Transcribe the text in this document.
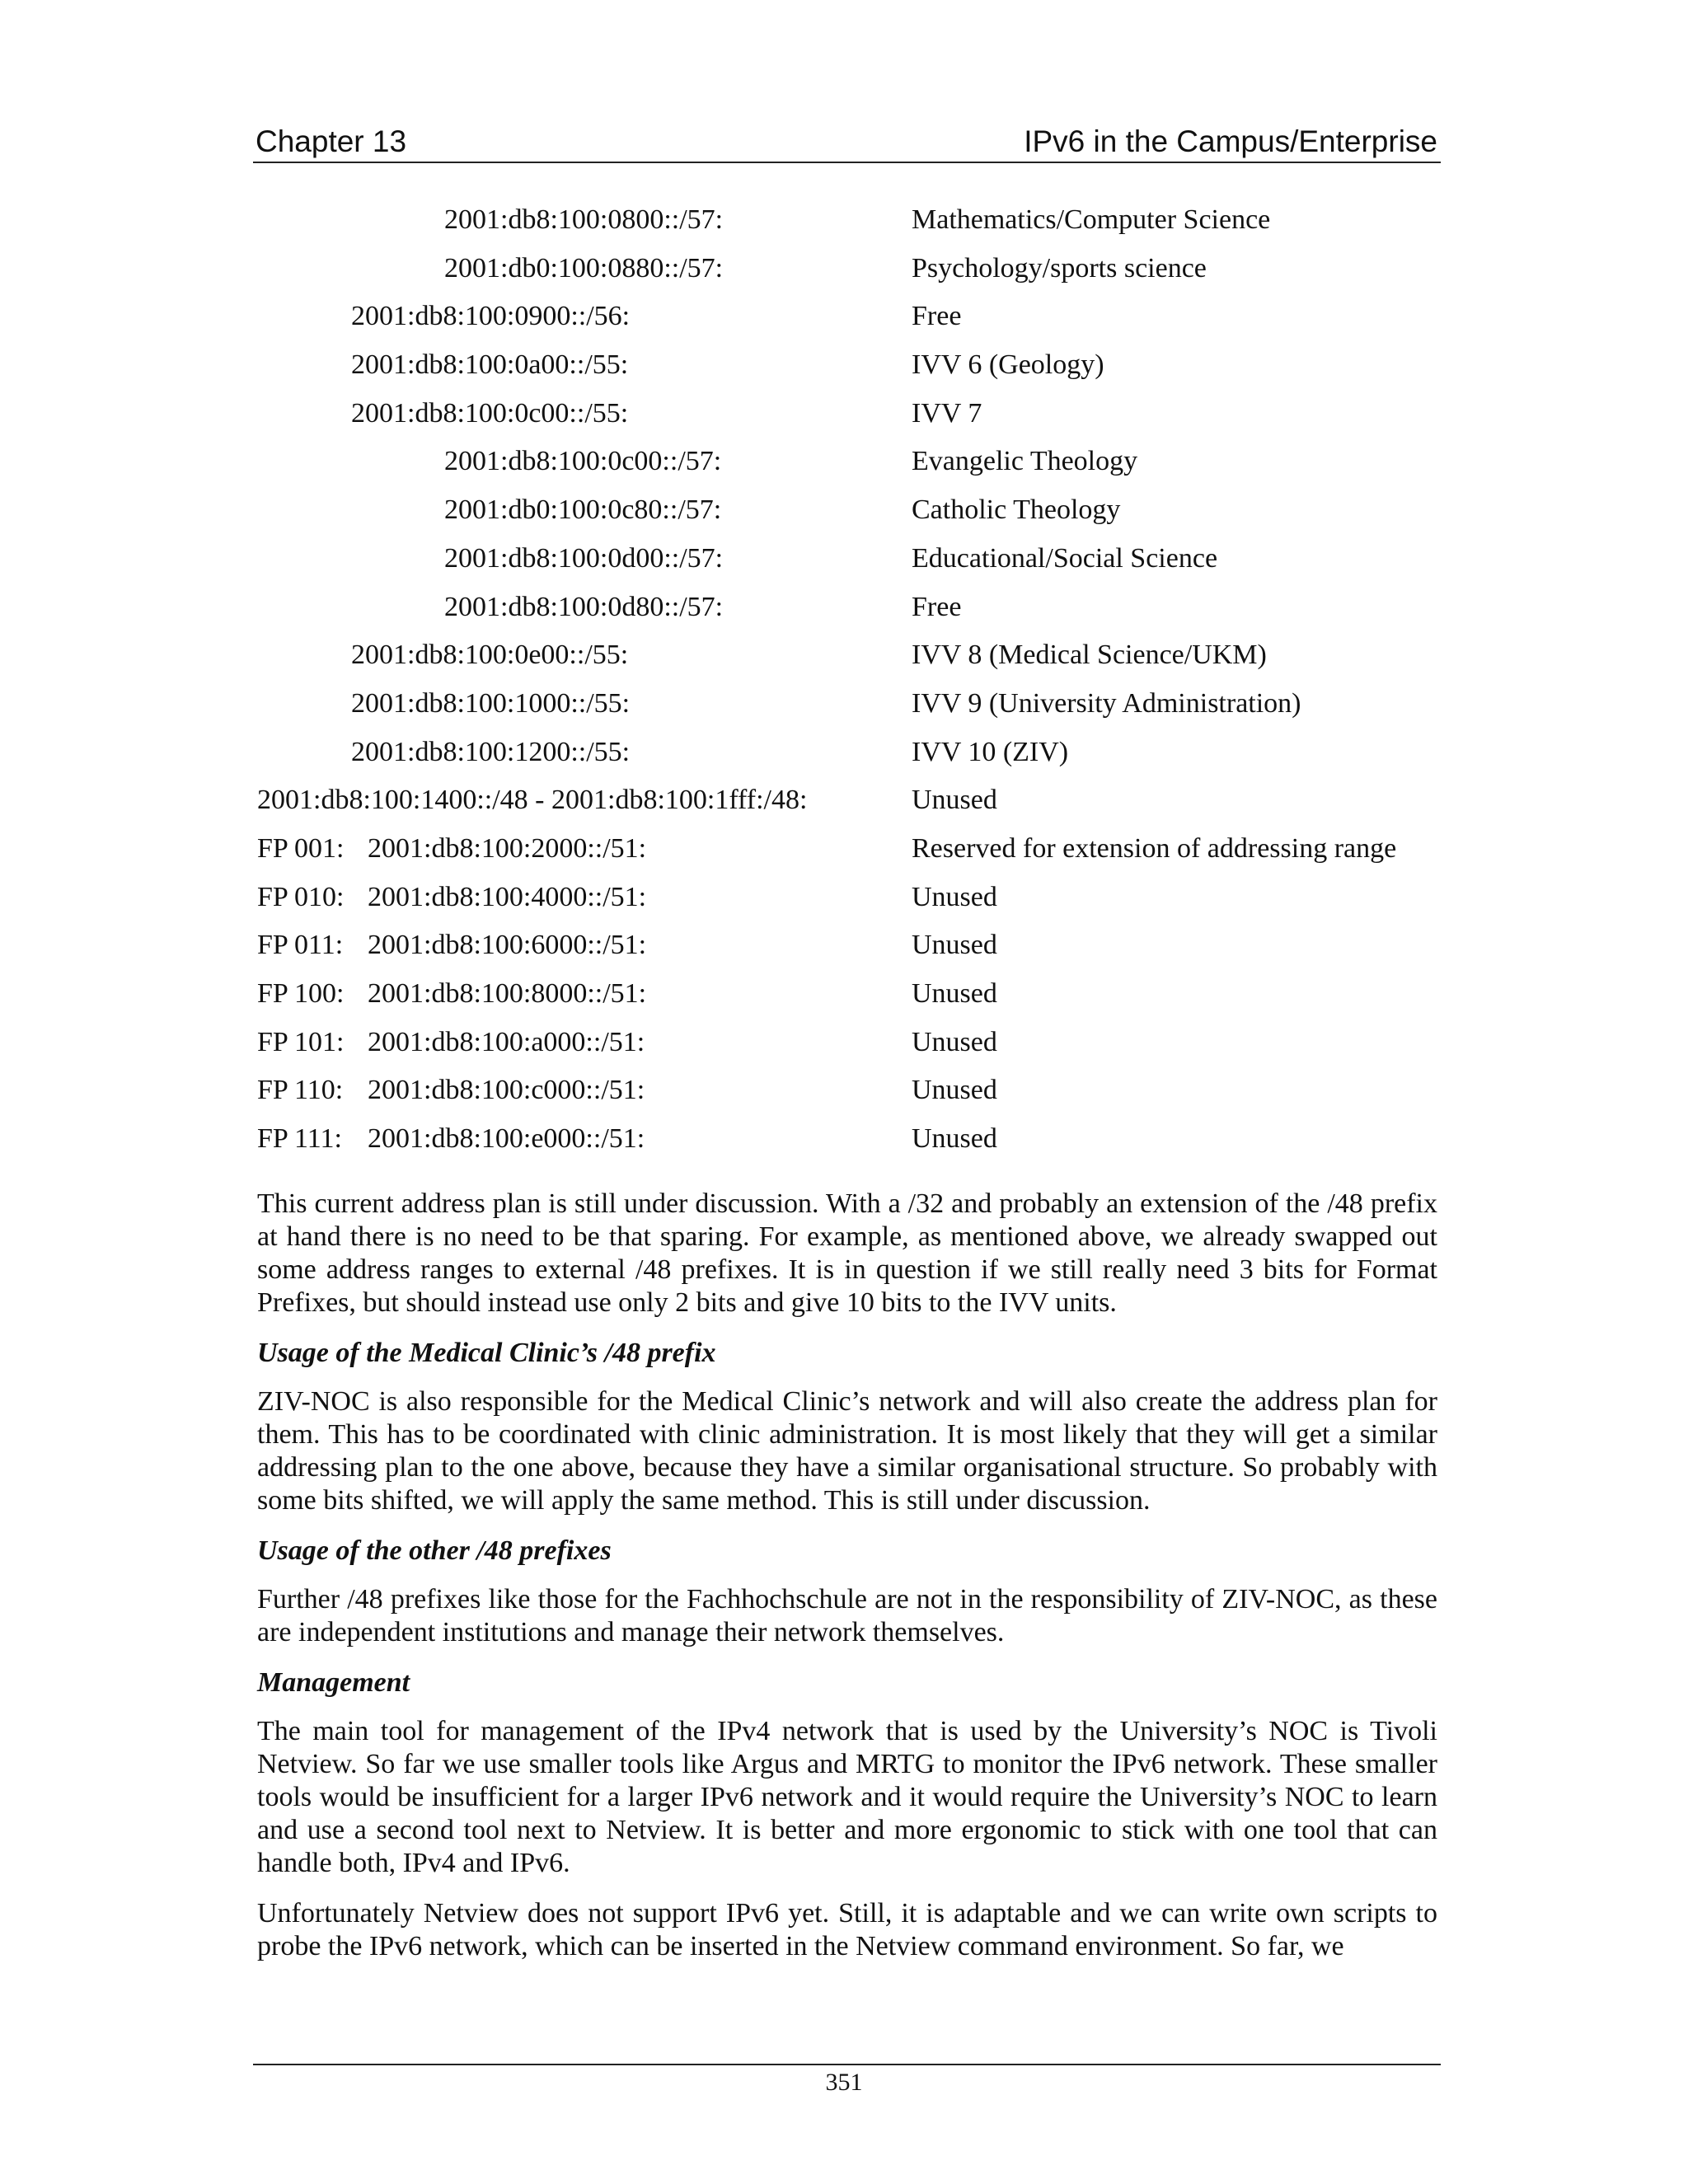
Chapter 13	IPv6 in the Campus/Enterprise
2001:db8:100:0800::/57:	Mathematics/Computer Science
2001:db0:100:0880::/57:	Psychology/sports science
2001:db8:100:0900::/56:	Free
2001:db8:100:0a00::/55:	IVV 6 (Geology)
2001:db8:100:0c00::/55:	IVV 7
2001:db8:100:0c00::/57:	Evangelic Theology
2001:db0:100:0c80::/57:	Catholic Theology
2001:db8:100:0d00::/57:	Educational/Social Science
2001:db8:100:0d80::/57:	Free
2001:db8:100:0e00::/55:	IVV 8 (Medical Science/UKM)
2001:db8:100:1000::/55:	IVV 9 (University Administration)
2001:db8:100:1200::/55:	IVV 10 (ZIV)
2001:db8:100:1400::/48 - 2001:db8:100:1fff:/48:	Unused
FP 001: 2001:db8:100:2000::/51:	Reserved for extension of addressing range
FP 010: 2001:db8:100:4000::/51:	Unused
FP 011: 2001:db8:100:6000::/51:	Unused
FP 100: 2001:db8:100:8000::/51:	Unused
FP 101: 2001:db8:100:a000::/51:	Unused
FP 110: 2001:db8:100:c000::/51:	Unused
FP 111: 2001:db8:100:e000::/51:	Unused

This current address plan is still under discussion. With a /32 and probably an extension of the /48 prefix at hand there is no need to be that sparing. For example, as mentioned above, we already swapped out some address ranges to external /48 prefixes. It is in question if we still really need 3 bits for Format Prefixes, but should instead use only 2 bits and give 10 bits to the IVV units.

Usage of the Medical Clinic’s /48 prefix

ZIV-NOC is also responsible for the Medical Clinic’s network and will also create the address plan for them. This has to be coordinated with clinic administration. It is most likely that they will get a similar addressing plan to the one above, because they have a similar organisational structure. So probably with some bits shifted, we will apply the same method. This is still under discussion.

Usage of the other /48 prefixes

Further /48 prefixes like those for the Fachhochschule are not in the responsibility of ZIV-NOC, as these are independent institutions and manage their network themselves.

Management

The main tool for management of the IPv4 network that is used by the University’s NOC is Tivoli Netview. So far we use smaller tools like Argus and MRTG to monitor the IPv6 network. These smaller tools would be insufficient for a larger IPv6 network and it would require the University’s NOC to learn and use a second tool next to Netview. It is better and more ergonomic to stick with one tool that can handle both, IPv4 and IPv6.

Unfortunately Netview does not support IPv6 yet. Still, it is adaptable and we can write own scripts to probe the IPv6 network, which can be inserted in the Netview command environment. So far, we

351
